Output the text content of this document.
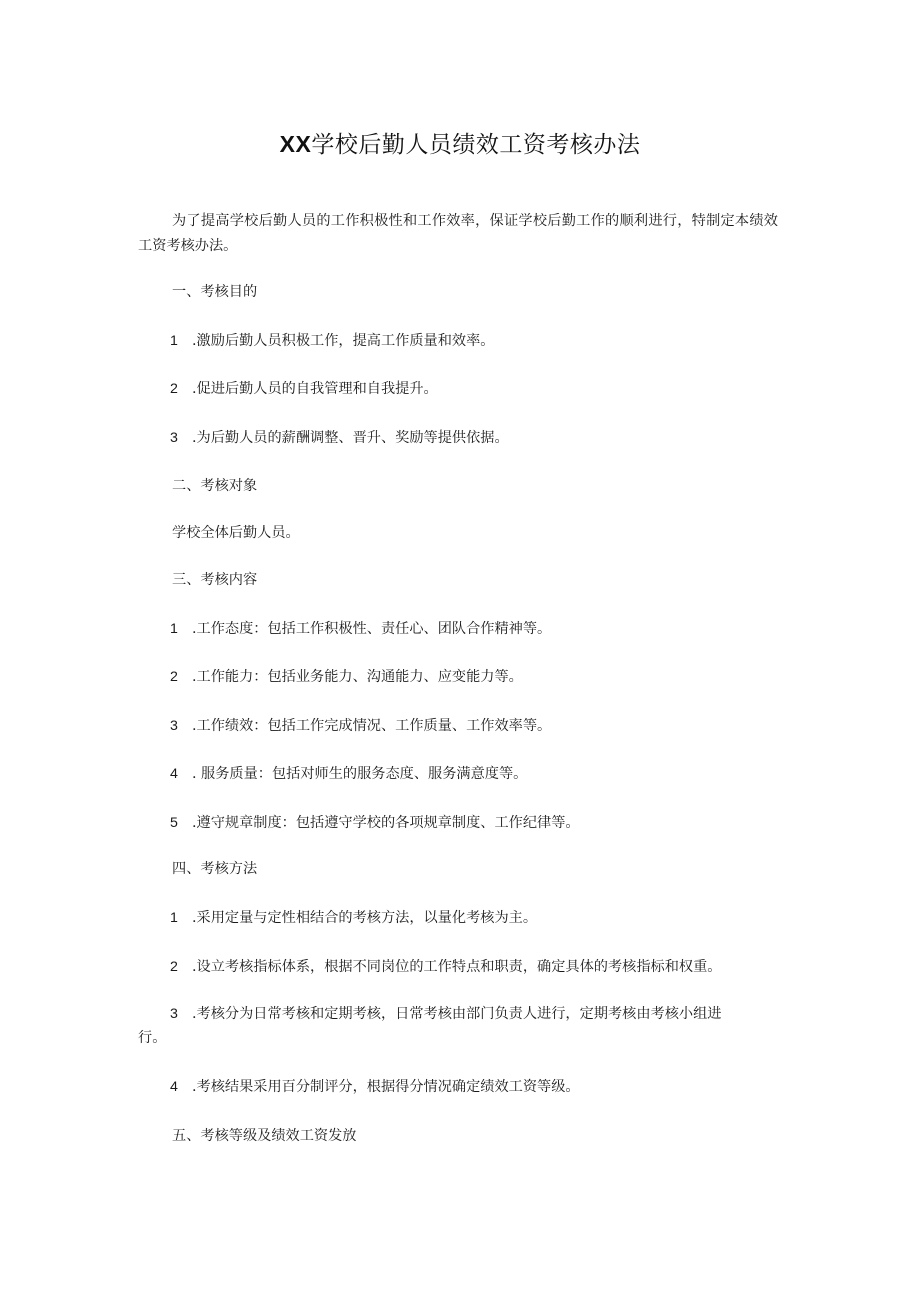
XX学校后勤人员绩效工资考核办法
为了提高学校后勤人员的工作积极性和工作效率，保证学校后勤工作的顺利进行，特制定本绩效工资考核办法。
一、考核目的
1 .激励后勤人员积极工作，提高工作质量和效率。
2 .促进后勤人员的自我管理和自我提升。
3 .为后勤人员的薪酬调整、晋升、奖励等提供依据。
二、考核对象
学校全体后勤人员。
三、考核内容
1 .工作态度：包括工作积极性、责任心、团队合作精神等。
2 .工作能力：包括业务能力、沟通能力、应变能力等。
3 .工作绩效：包括工作完成情况、工作质量、工作效率等。
4 . 服务质量：包括对师生的服务态度、服务满意度等。
5 .遵守规章制度：包括遵守学校的各项规章制度、工作纪律等。
四、考核方法
1 .采用定量与定性相结合的考核方法，以量化考核为主。
2 .设立考核指标体系，根据不同岗位的工作特点和职责，确定具体的考核指标和权重。
3 .考核分为日常考核和定期考核，日常考核由部门负责人进行，定期考核由考核小组进
行。
4 .考核结果采用百分制评分，根据得分情况确定绩效工资等级。
五、考核等级及绩效工资发放
